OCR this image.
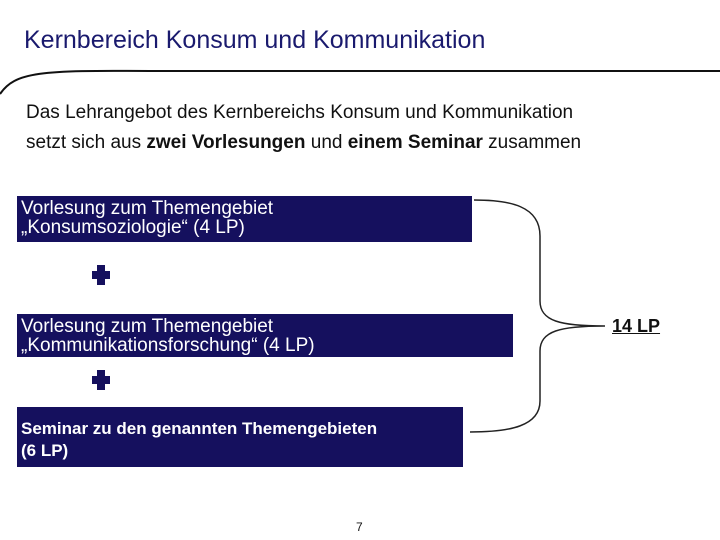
Kernbereich Konsum und Kommunikation
Das Lehrangebot des Kernbereichs Konsum und Kommunikation
setzt sich aus zwei Vorlesungen und einem Seminar zusammen
Vorlesung zum Themengebiet
„Konsumsoziologie“ (4 LP)
Vorlesung zum Themengebiet
„Kommunikationsforschung“ (4 LP)
Seminar zu den genannten Themengebieten
(6 LP)
14 LP
7
